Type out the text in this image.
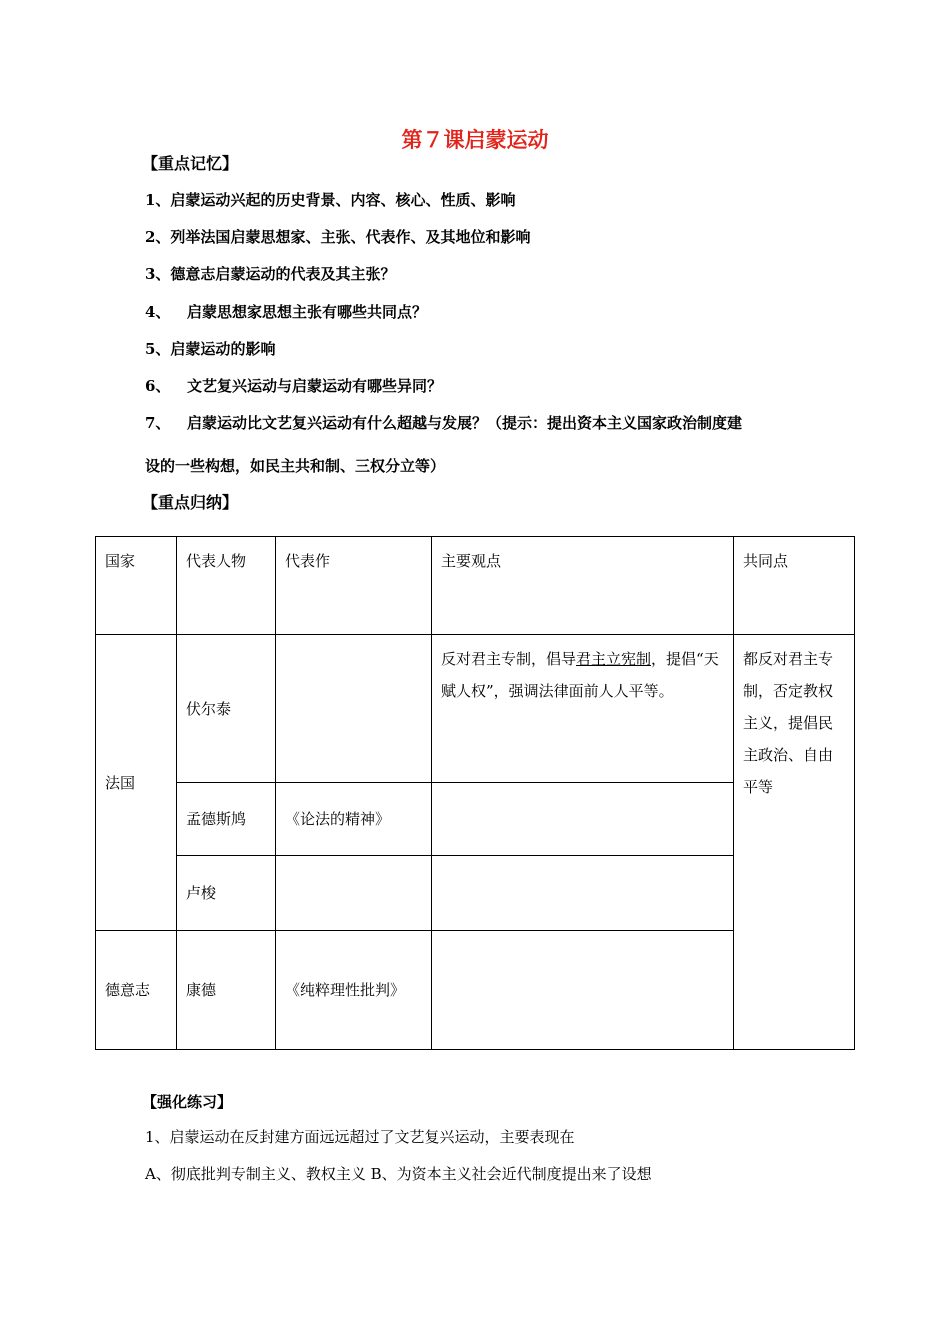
第７课启蒙运动
【重点记忆】
1、启蒙运动兴起的历史背景、内容、核心、性质、影响
2、列举法国启蒙思想家、主张、代表作、及其地位和影响
3、德意志启蒙运动的代表及其主张？
4、 启蒙思想家思想主张有哪些共同点？
5、启蒙运动的影响
6、 文艺复兴运动与启蒙运动有哪些异同？
7、 启蒙运动比文艺复兴运动有什么超越与发展？（提示：提出资本主义国家政治制度建
设的一些构想，如民主共和制、三权分立等）
【重点归纳】
国家	代表人物	代表作	主要观点	共同点
法国	伏尔泰		反对君主专制，倡导君主立宪制，提倡“天赋人权”，强调法律面前人人平等。	都反对君主专制，否定教权主义，提倡民主政治、自由平等
	孟德斯鸠	《论法的精神》		
	卢梭			
德意志	康德	《纯粹理性批判》		
【强化练习】
1、启蒙运动在反封建方面远远超过了文艺复兴运动，主要表现在
A、彻底批判专制主义、教权主义 B、为资本主义社会近代制度提出来了设想
